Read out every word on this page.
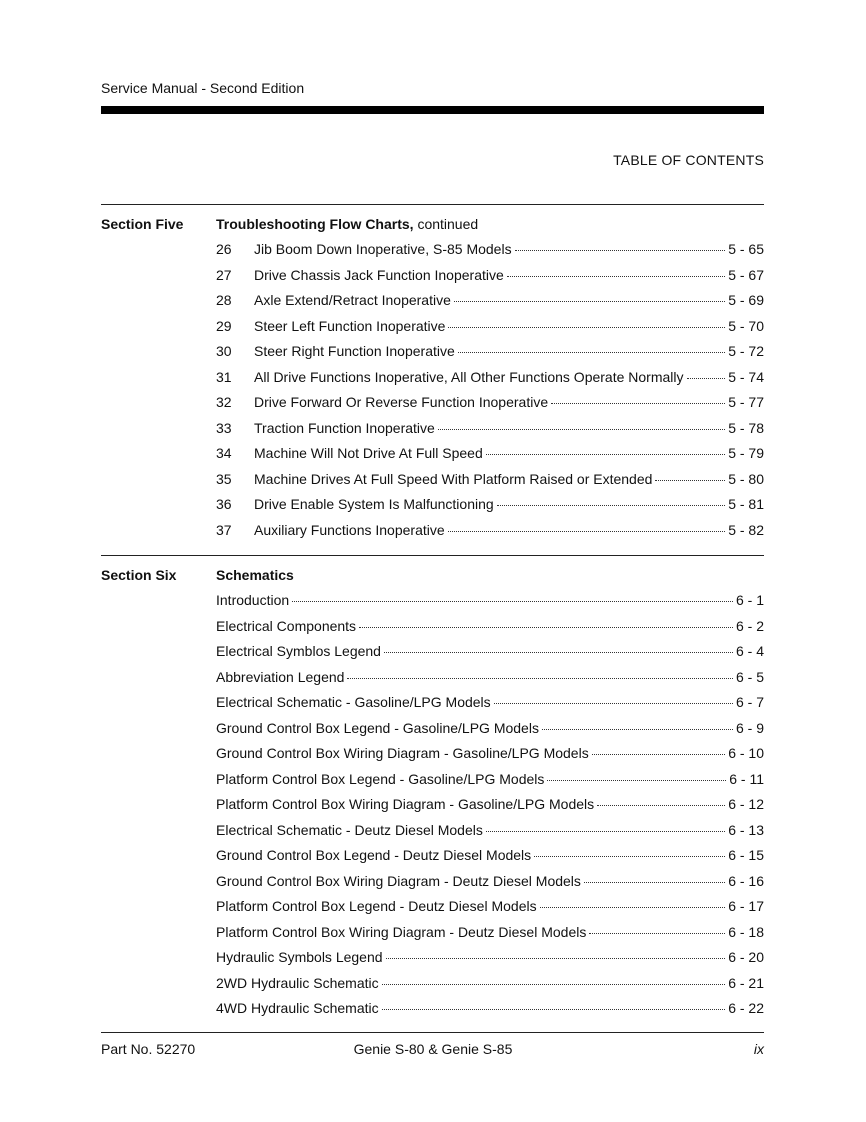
Service Manual - Second Edition
TABLE OF CONTENTS
Section Five Troubleshooting Flow Charts, continued
26	Jib Boom Down Inoperative, S-85 Models	5 - 65
27	Drive Chassis Jack Function Inoperative	5 - 67
28	Axle Extend/Retract Inoperative	5 - 69
29	Steer Left Function Inoperative	5 - 70
30	Steer Right Function Inoperative	5 - 72
31	All Drive Functions Inoperative, All Other Functions Operate Normally	5 - 74
32	Drive Forward Or Reverse Function Inoperative	5 - 77
33	Traction Function Inoperative	5 - 78
34	Machine Will Not Drive At Full Speed	5 - 79
35	Machine Drives At Full Speed With Platform Raised or Extended	5 - 80
36	Drive Enable System Is Malfunctioning	5 - 81
37	Auxiliary Functions Inoperative	5 - 82
Section Six	Schematics
Introduction	6 - 1
Electrical Components	6 - 2
Electrical Symblos Legend	6 - 4
Abbreviation Legend	6 - 5
Electrical Schematic - Gasoline/LPG Models	6 - 7
Ground Control Box Legend - Gasoline/LPG Models	6 - 9
Ground Control Box Wiring Diagram - Gasoline/LPG Models	6 - 10
Platform Control Box Legend - Gasoline/LPG Models	6 - 11
Platform Control Box Wiring Diagram - Gasoline/LPG Models	6 - 12
Electrical Schematic - Deutz Diesel Models	6 - 13
Ground Control Box Legend - Deutz Diesel Models	6 - 15
Ground Control Box Wiring Diagram - Deutz Diesel Models	6 - 16
Platform Control Box Legend - Deutz Diesel Models	6 - 17
Platform Control Box Wiring Diagram - Deutz Diesel Models	6 - 18
Hydraulic Symbols Legend	6 - 20
2WD Hydraulic Schematic	6 - 21
4WD Hydraulic Schematic	6 - 22
Part No. 52270	Genie S-80 & Genie S-85	ix
